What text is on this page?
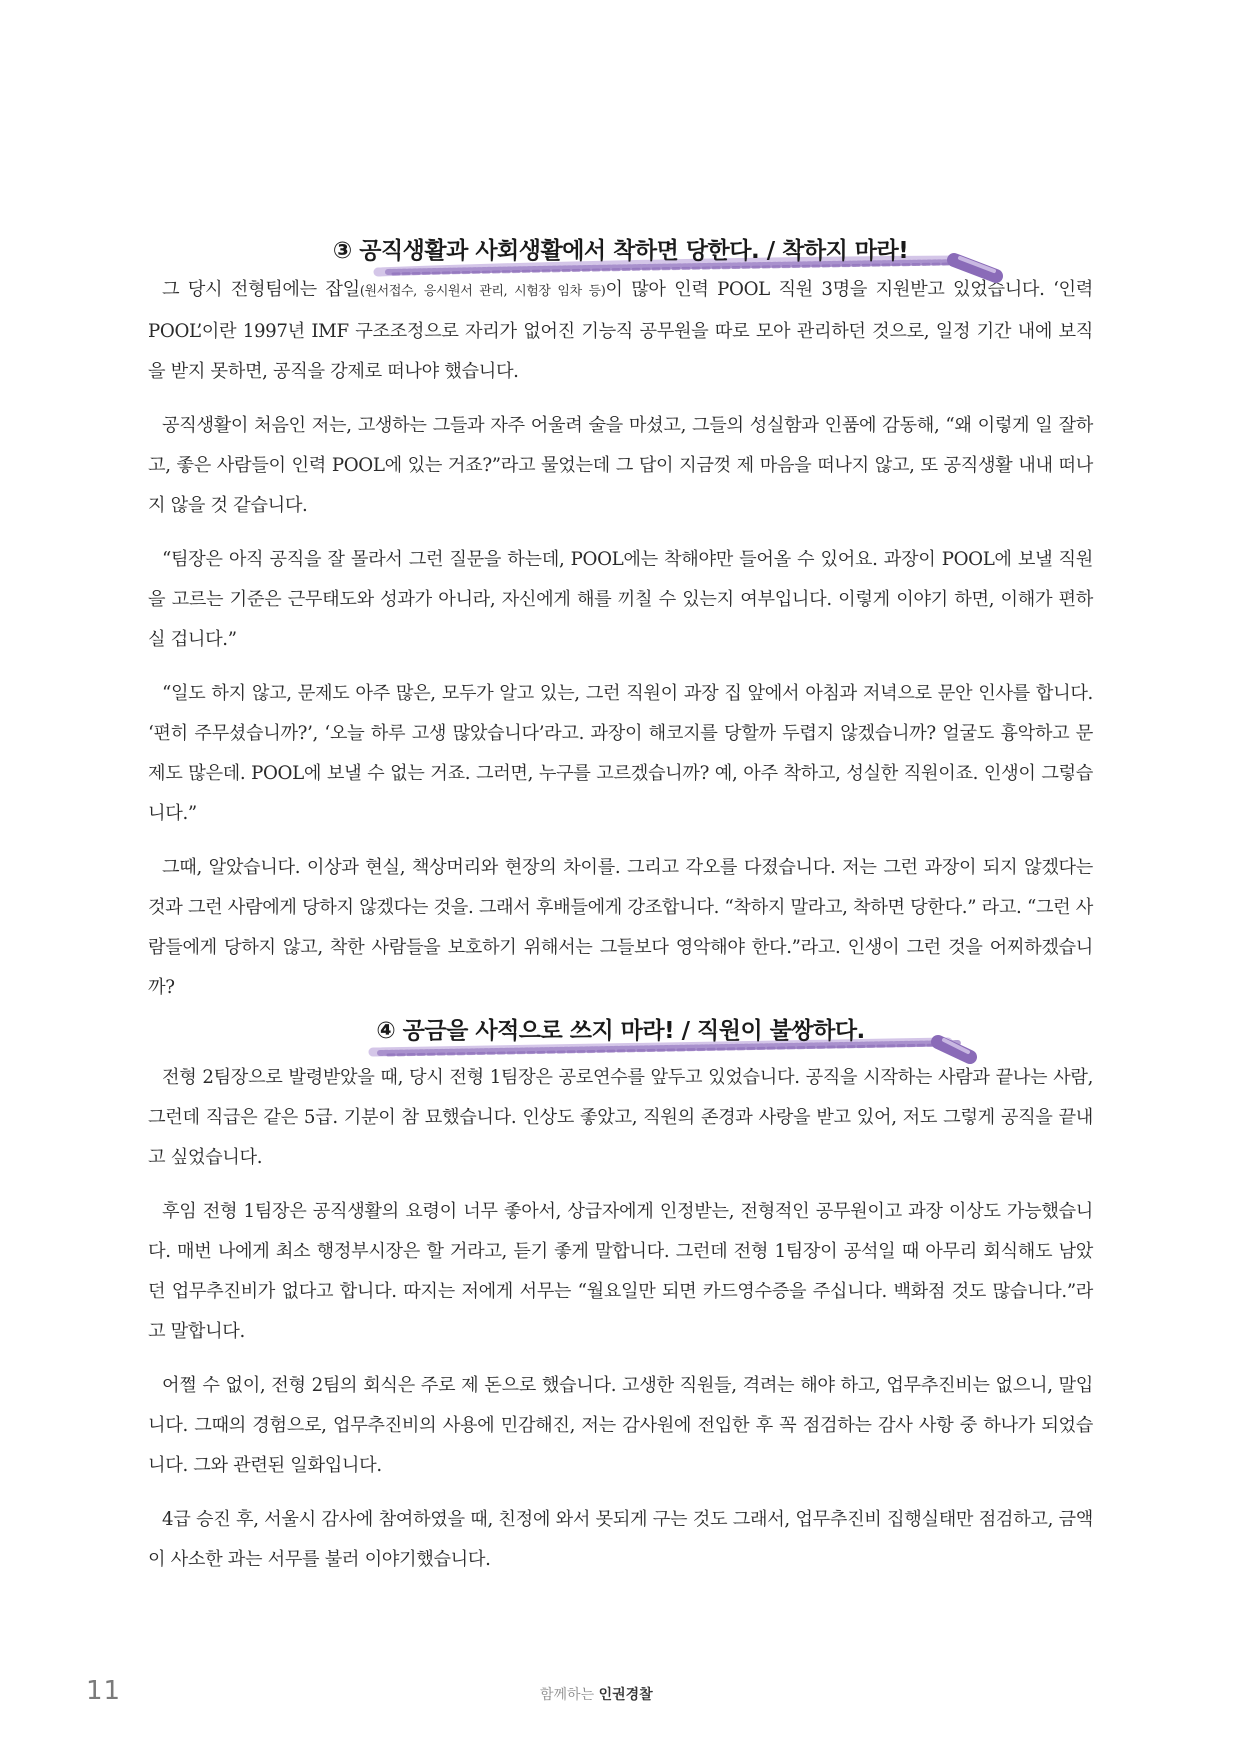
③ 공직생활과 사회생활에서 착하면 당한다. / 착하지 마라!

그 당시 전형팀에는 잡일(원서접수, 응시원서 관리, 시험장 임차 등)이 많아 인력 POOL 직원 3명을 지원받고 있었습니다. ‘인력 POOL’이란 1997년 IMF 구조조정으로 자리가 없어진 기능직 공무원을 따로 모아 관리하던 것으로, 일정 기간 내에 보직을 받지 못하면, 공직을 강제로 떠나야 했습니다.

공직생활이 처음인 저는, 고생하는 그들과 자주 어울려 술을 마셨고, 그들의 성실함과 인품에 감동해, “왜 이렇게 일 잘하고, 좋은 사람들이 인력 POOL에 있는 거죠?”라고 물었는데 그 답이 지금껏 제 마음을 떠나지 않고, 또 공직생활 내내 떠나지 않을 것 같습니다.

“팀장은 아직 공직을 잘 몰라서 그런 질문을 하는데, POOL에는 착해야만 들어올 수 있어요. 과장이 POOL에 보낼 직원을 고르는 기준은 근무태도와 성과가 아니라, 자신에게 해를 끼칠 수 있는지 여부입니다. 이렇게 이야기 하면, 이해가 편하실 겁니다.”

“일도 하지 않고, 문제도 아주 많은, 모두가 알고 있는, 그런 직원이 과장 집 앞에서 아침과 저녁으로 문안 인사를 합니다. ‘편히 주무셨습니까?’, ‘오늘 하루 고생 많았습니다’라고. 과장이 해코지를 당할까 두렵지 않겠습니까? 얼굴도 흉악하고 문제도 많은데. POOL에 보낼 수 없는 거죠. 그러면, 누구를 고르겠습니까? 예, 아주 착하고, 성실한 직원이죠. 인생이 그렇습니다.”

그때, 알았습니다. 이상과 현실, 책상머리와 현장의 차이를. 그리고 각오를 다졌습니다. 저는 그런 과장이 되지 않겠다는 것과 그런 사람에게 당하지 않겠다는 것을. 그래서 후배들에게 강조합니다. “착하지 말라고, 착하면 당한다.” 라고. “그런 사람들에게 당하지 않고, 착한 사람들을 보호하기 위해서는 그들보다 영악해야 한다.”라고. 인생이 그런 것을 어찌하겠습니까?

④ 공금을 사적으로 쓰지 마라! / 직원이 불쌍하다.

전형 2팀장으로 발령받았을 때, 당시 전형 1팀장은 공로연수를 앞두고 있었습니다. 공직을 시작하는 사람과 끝나는 사람, 그런데 직급은 같은 5급. 기분이 참 묘했습니다. 인상도 좋았고, 직원의 존경과 사랑을 받고 있어, 저도 그렇게 공직을 끝내고 싶었습니다.

후임 전형 1팀장은 공직생활의 요령이 너무 좋아서, 상급자에게 인정받는, 전형적인 공무원이고 과장 이상도 가능했습니다. 매번 나에게 최소 행정부시장은 할 거라고, 듣기 좋게 말합니다. 그런데 전형 1팀장이 공석일 때 아무리 회식해도 남았던 업무추진비가 없다고 합니다. 따지는 저에게 서무는 “월요일만 되면 카드영수증을 주십니다. 백화점 것도 많습니다.”라고 말합니다.

어쩔 수 없이, 전형 2팀의 회식은 주로 제 돈으로 했습니다. 고생한 직원들, 격려는 해야 하고, 업무추진비는 없으니, 말입니다. 그때의 경험으로, 업무추진비의 사용에 민감해진, 저는 감사원에 전입한 후 꼭 점검하는 감사 사항 중 하나가 되었습니다. 그와 관련된 일화입니다.

4급 승진 후, 서울시 감사에 참여하였을 때, 친정에 와서 못되게 구는 것도 그래서, 업무추진비 집행실태만 점검하고, 금액이 사소한 과는 서무를 불러 이야기했습니다.

11	함께하는 인권경찰
